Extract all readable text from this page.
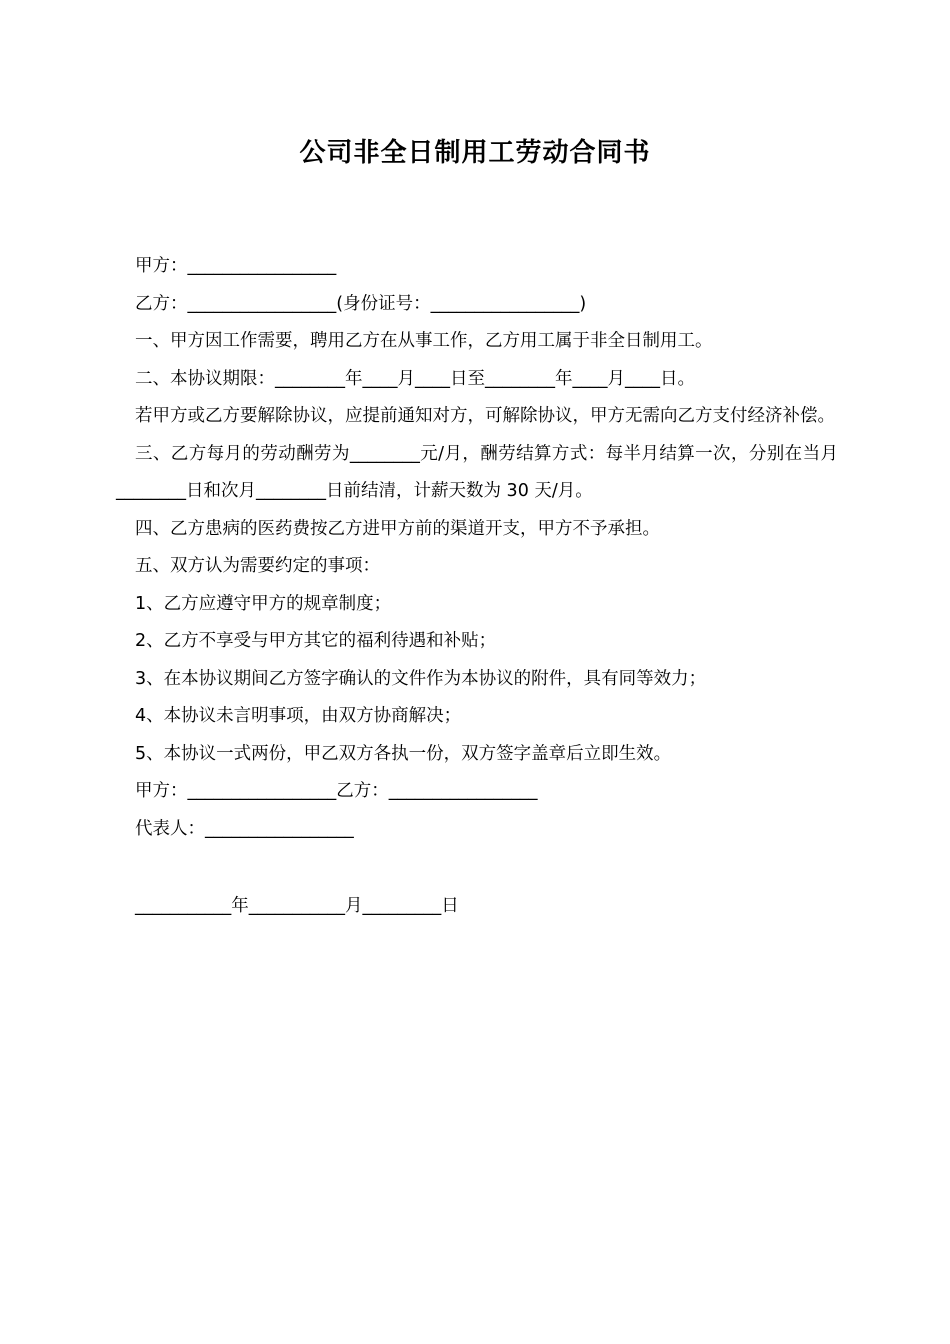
公司非全日制用工劳动合同书

甲方：_________________

乙方：_________________(身份证号：_________________)

一、甲方因工作需要，聘用乙方在从事工作，乙方用工属于非全日制用工。

二、本协议期限：________年____月____日至________年____月____日。

若甲方或乙方要解除协议，应提前通知对方，可解除协议，甲方无需向乙方支付经济补偿。

三、乙方每月的劳动酬劳为________元/月，酬劳结算方式：每半月结算一次，分别在当月________日和次月________日前结清，计薪天数为 30 天/月。

四、乙方患病的医药费按乙方进甲方前的渠道开支，甲方不予承担。

五、双方认为需要约定的事项：

1、乙方应遵守甲方的规章制度；

2、乙方不享受与甲方其它的福利待遇和补贴；

3、在本协议期间乙方签字确认的文件作为本协议的附件，具有同等效力；

4、本协议未言明事项，由双方协商解决；

5、本协议一式两份，甲乙双方各执一份，双方签字盖章后立即生效。

甲方：_________________乙方：_________________

代表人：_________________

___________年___________月_________日
